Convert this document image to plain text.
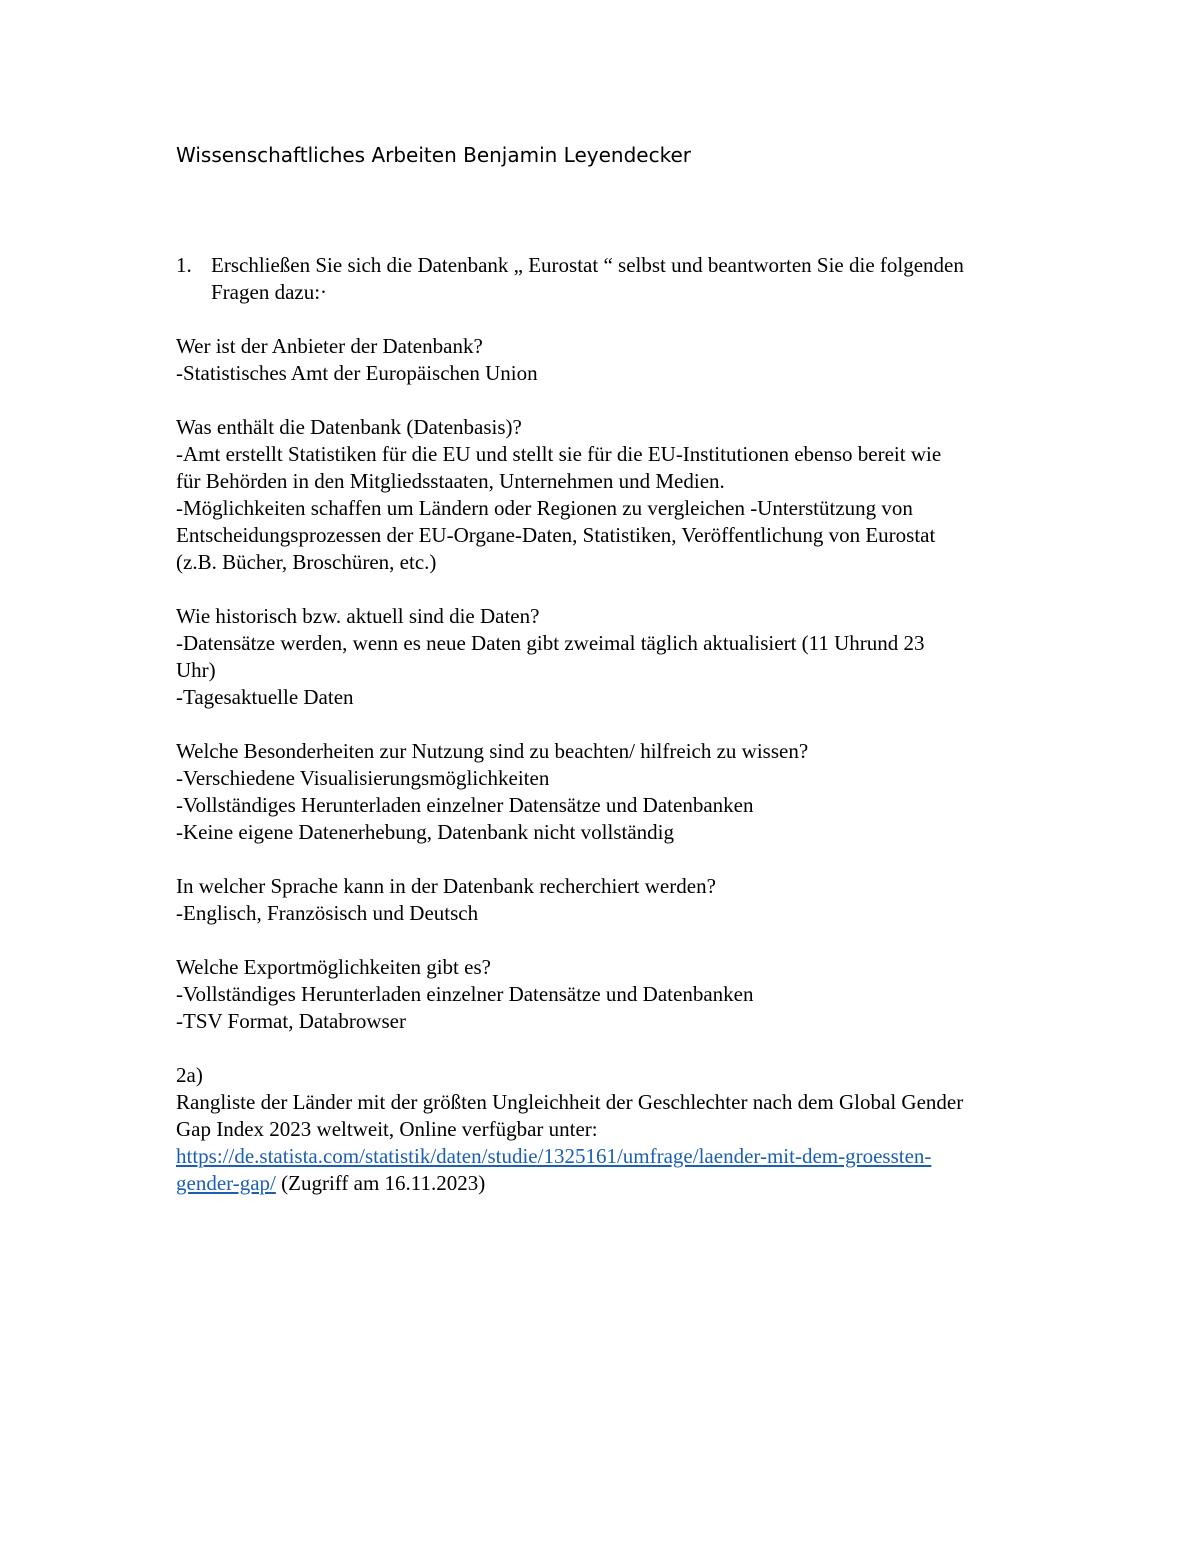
Wissenschaftliches Arbeiten Benjamin Leyendecker
1. Erschließen Sie sich die Datenbank „ Eurostat “ selbst und beantworten Sie die folgenden
Fragen dazu:·
Wer ist der Anbieter der Datenbank?
-Statistisches Amt der Europäischen Union
Was enthält die Datenbank (Datenbasis)?
-Amt erstellt Statistiken für die EU und stellt sie für die EU-Institutionen ebenso bereit wie
für Behörden in den Mitgliedsstaaten, Unternehmen und Medien.
-Möglichkeiten schaffen um Ländern oder Regionen zu vergleichen -Unterstützung von
Entscheidungsprozessen der EU-Organe-Daten, Statistiken, Veröffentlichung von Eurostat
(z.B. Bücher, Broschüren, etc.)
Wie historisch bzw. aktuell sind die Daten?
-Datensätze werden, wenn es neue Daten gibt zweimal täglich aktualisiert (11 Uhrund 23
Uhr)
-Tagesaktuelle Daten
Welche Besonderheiten zur Nutzung sind zu beachten/ hilfreich zu wissen?
-Verschiedene Visualisierungsmöglichkeiten
-Vollständiges Herunterladen einzelner Datensätze und Datenbanken
-Keine eigene Datenerhebung, Datenbank nicht vollständig
In welcher Sprache kann in der Datenbank recherchiert werden?
-Englisch, Französisch und Deutsch
Welche Exportmöglichkeiten gibt es?
-Vollständiges Herunterladen einzelner Datensätze und Datenbanken
-TSV Format, Databrowser
2a)
Rangliste der Länder mit der größten Ungleichheit der Geschlechter nach dem Global Gender
Gap Index 2023 weltweit, Online verfügbar unter:
https://de.statista.com/statistik/daten/studie/1325161/umfrage/laender-mit-dem-groessten-
gender-gap/ (Zugriff am 16.11.2023)
